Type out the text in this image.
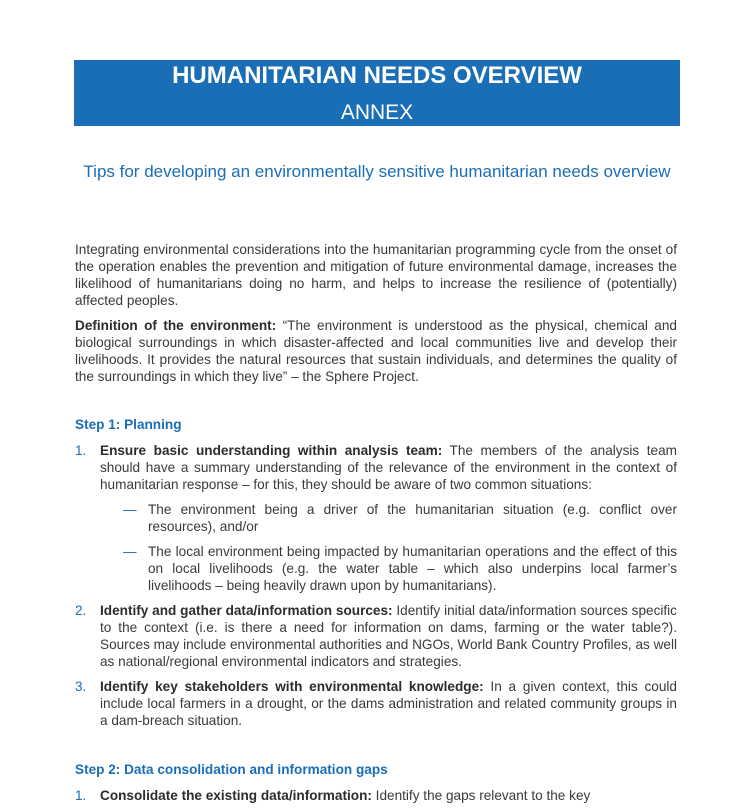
HUMANITARIAN NEEDS OVERVIEW
ANNEX
Tips for developing an environmentally sensitive humanitarian needs overview

Integrating environmental considerations into the humanitarian programming cycle from the onset of the operation enables the prevention and mitigation of future environmental damage, increases the likelihood of humanitarians doing no harm, and helps to increase the resilience of (potentially) affected peoples.

Definition of the environment: “The environment is understood as the physical, chemical and biological surroundings in which disaster-affected and local communities live and develop their livelihoods. It provides the natural resources that sustain individuals, and determines the quality of the surroundings in which they live” – the Sphere Project.

Step 1: Planning
1. Ensure basic understanding within analysis team: The members of the analysis team should have a summary understanding of the relevance of the environment in the context of humanitarian response – for this, they should be aware of two common situations:
— The environment being a driver of the humanitarian situation (e.g. conflict over resources), and/or
— The local environment being impacted by humanitarian operations and the effect of this on local livelihoods (e.g. the water table – which also underpins local farmer’s livelihoods – being heavily drawn upon by humanitarians).
2. Identify and gather data/information sources: Identify initial data/information sources specific to the context (i.e. is there a need for information on dams, farming or the water table?). Sources may include environmental authorities and NGOs, World Bank Country Profiles, as well as national/regional environmental indicators and strategies.
3. Identify key stakeholders with environmental knowledge: In a given context, this could include local farmers in a drought, or the dams administration and related community groups in a dam-breach situation.
Step 2: Data consolidation and information gaps
1. Consolidate the existing data/information: Identify the gaps relevant to the key
